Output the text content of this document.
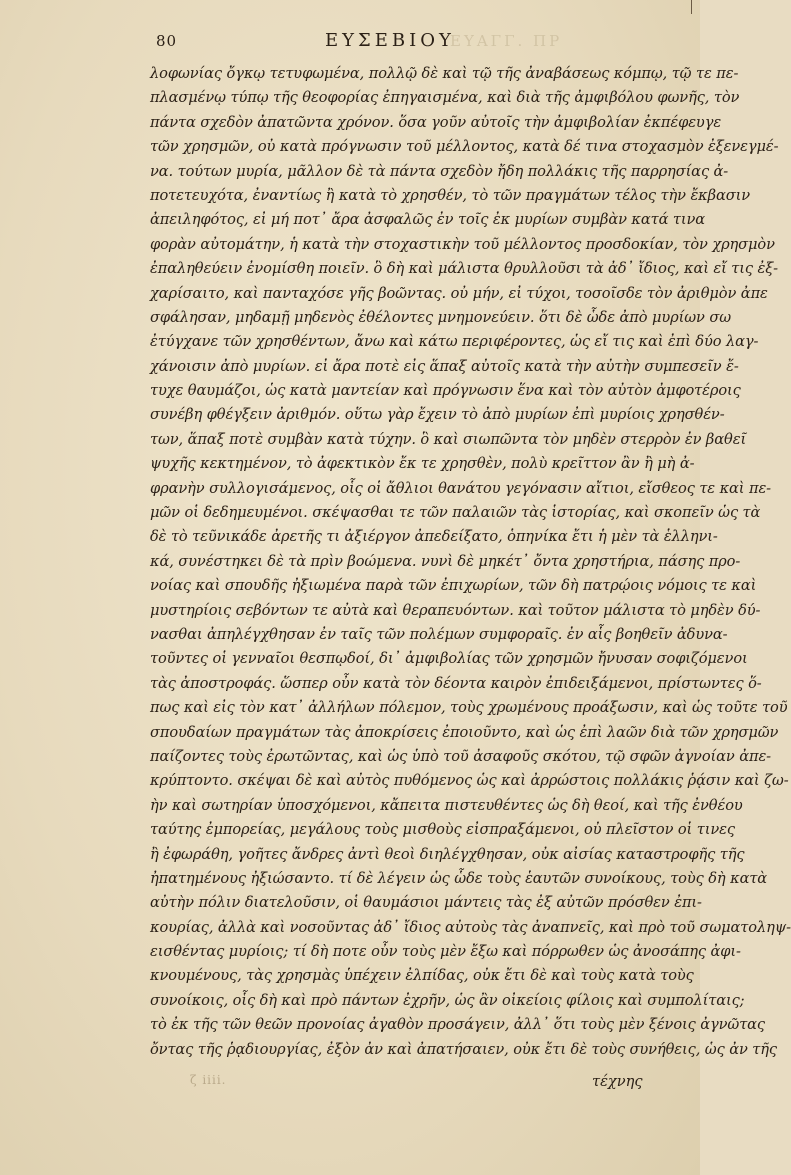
80	ΕΥΣΕΒΙΟΥ
ΕΥΑΓΓ. ΠΡ
λοφωνίας ὄγκῳ τετυφωμένα, πολλῷ δὲ καὶ τῷ τῆς ἀναβάσεως κόμπῳ, τῷ τε πε-
πλασμένῳ τύπῳ τῆς θεοφορίας ἐπηγαισμένα, καὶ διὰ τῆς ἀμφιβόλου φωνῆς, τὸν
πάντα σχεδὸν ἀπατῶντα χρόνον. ὅσα γοῦν αὐτοῖς τὴν ἀμφιβολίαν ἐκπέφευγε
τῶν χρησμῶν, οὐ κατὰ πρόγνωσιν τοῦ μέλλοντος, κατὰ δέ τινα στοχασμὸν ἐξενεγμέ-
να. τούτων μυρία, μᾶλλον δὲ τὰ πάντα σχεδὸν ἤδη πολλάκις τῆς παρρησίας ἀ-
ποτετευχότα, ἐναντίως ἢ κατὰ τὸ χρησθέν, τὸ τῶν πραγμάτων τέλος τὴν ἔκβασιν
ἀπειληφότος, εἰ μή ποτ᾿ ἄρα ἀσφαλῶς ἐν τοῖς ἐκ μυρίων συμβὰν κατά τινα
φορὰν αὐτομάτην, ἡ κατὰ τὴν στοχαστικὴν τοῦ μέλλοντος προσδοκίαν, τὸν χρησμὸν
ἐπαληθεύειν ἐνομίσθη ποιεῖν. ὃ δὴ καὶ μάλιστα θρυλλοῦσι τὰ ἀδ᾿ ἴδιος, καὶ εἴ τις ἐξ-
χαρίσαιτο, καὶ πανταχόσε γῆς βοῶντας. οὐ μήν, εἰ τύχοι, τοσοῖσδε τὸν ἀριθμὸν ἀπε
σφάλησαν, μηδαμῇ μηδενὸς ἐθέλοντες μνημονεύειν. ὅτι δὲ ὧδε ἀπὸ μυρίων σω
ἐτύγχανε τῶν χρησθέντων, ἄνω καὶ κάτω περιφέροντες, ὡς εἴ τις καὶ ἐπὶ δύο λαγ-
χάνοισιν ἀπὸ μυρίων. εἰ ἄρα ποτὲ εἰς ἅπαξ αὐτοῖς κατὰ τὴν αὐτὴν συμπεσεῖν ἔ-
τυχε θαυμάζοι, ὡς κατὰ μαντείαν καὶ πρόγνωσιν ἕνα καὶ τὸν αὐτὸν ἀμφοτέροις
συνέβη φθέγξειν ἀριθμόν. οὕτω γὰρ ἔχειν τὸ ἀπὸ μυρίων ἐπὶ μυρίοις χρησθέν-
των, ἅπαξ ποτὲ συμβὰν κατὰ τύχην. ὃ καὶ σιωπῶντα τὸν μηδὲν στερρὸν ἐν βαθεῖ
ψυχῆς κεκτημένον, τὸ ἀφεκτικὸν ἔκ τε χρησθὲν, πολὺ κρεῖττον ἂν ἢ μὴ ἀ-
φρανὴν συλλογισάμενος, οἷς οἱ ἄθλιοι θανάτου γεγόνασιν αἴτιοι, εἴσθεος τε καὶ πε-
μῶν οἱ δεδημευμένοι. σκέψασθαι τε τῶν παλαιῶν τὰς ἱστορίας, καὶ σκοπεῖν ὡς τὰ
δὲ τὸ τεῦνικάδε ἀρετῆς τι ἀξιέργον ἀπεδείξατο, ὁπηνίκα ἔτι ἡ μὲν τὰ ἑλληνι-
κά, συνέστηκει δὲ τὰ πρὶν βοώμενα. νυνὶ δὲ μηκέτ᾿ ὄντα χρηστήρια, πάσης προ-
νοίας καὶ σπουδῆς ἠξιωμένα παρὰ τῶν ἐπιχωρίων, τῶν δὴ πατρῴοις νόμοις τε καὶ
μυστηρίοις σεβόντων τε αὐτὰ καὶ θεραπευόντων. καὶ τοῦτον μάλιστα τὸ μηδὲν δύ-
νασθαι ἀπηλέγχθησαν ἐν ταῖς τῶν πολέμων συμφοραῖς. ἐν αἷς βοηθεῖν ἀδυνα-
τοῦντες οἱ γενναῖοι θεσπῳδοί, δι᾿ ἀμφιβολίας τῶν χρησμῶν ἤνυσαν σοφιζόμενοι
τὰς ἀποστροφάς. ὥσπερ οὖν κατὰ τὸν δέοντα καιρὸν ἐπιδειξάμενοι, πρίστωντες ὅ-
πως καὶ εἰς τὸν κατ᾿ ἀλλήλων πόλεμον, τοὺς χρωμένους προάξωσιν, καὶ ὡς τοῦτε τοῦ
σπουδαίων πραγμάτων τὰς ἀποκρίσεις ἐποιοῦντο, καὶ ὡς ἐπὶ λαῶν διὰ τῶν χρησμῶν
παίζοντες τοὺς ἐρωτῶντας, καὶ ὡς ὑπὸ τοῦ ἀσαφοῦς σκότου, τῷ σφῶν ἀγνοίαν ἀπε-
κρύπτοντο. σκέψαι δὲ καὶ αὐτὸς πυθόμενος ὡς καὶ ἀρρώστοις πολλάκις ῥᾴσιν καὶ ζω-
ὴν καὶ σωτηρίαν ὑποσχόμενοι, κἄπειτα πιστευθέντες ὡς δὴ θεοί, καὶ τῆς ἐνθέου
ταύτης ἐμπορείας, μεγάλους τοὺς μισθοὺς εἰσπραξάμενοι, οὐ πλεῖστον οἱ τινες
ἢ ἐφωράθη, γοῆτες ἄνδρες ἀντὶ θεοὶ διηλέγχθησαν, οὐκ αἰσίας καταστροφῆς τῆς
ἠπατημένους ἠξιώσαντο. τί δὲ λέγειν ὡς ὧδε τοὺς ἑαυτῶν συνοίκους, τοὺς δὴ κατὰ
αὐτὴν πόλιν διατελοῦσιν, οἱ θαυμάσιοι μάντεις τὰς ἐξ αὐτῶν πρόσθεν ἐπι-
κουρίας, ἀλλὰ καὶ νοσοῦντας ἀδ᾿ ἴδιος αὐτοὺς τὰς ἀναπνεῖς, καὶ πρὸ τοῦ σωματοληψ-
εισθέντας μυρίοις; τί δὴ ποτε οὖν τοὺς μὲν ἔξω καὶ πόρρωθεν ὡς ἀνοσάπης ἀφι-
κνουμένους, τὰς χρησμὰς ὑπέχειν ἐλπίδας, οὐκ ἔτι δὲ καὶ τοὺς κατὰ τοὺς
συνοίκοις, οἷς δὴ καὶ πρὸ πάντων ἐχρῆν, ὡς ἂν οἰκείοις φίλοις καὶ συμπολίταις;
τὸ ἐκ τῆς τῶν θεῶν προνοίας ἀγαθὸν προσάγειν, ἀλλ᾿ ὅτι τοὺς μὲν ξένοις ἀγνῶτας
ὄντας τῆς ῥᾳδιουργίας, ἐξὸν ἀν καὶ ἀπατήσαιεν, οὐκ ἔτι δὲ τοὺς συνήθεις, ὡς ἀν τῆς
ζ iiii.	τέχνης
